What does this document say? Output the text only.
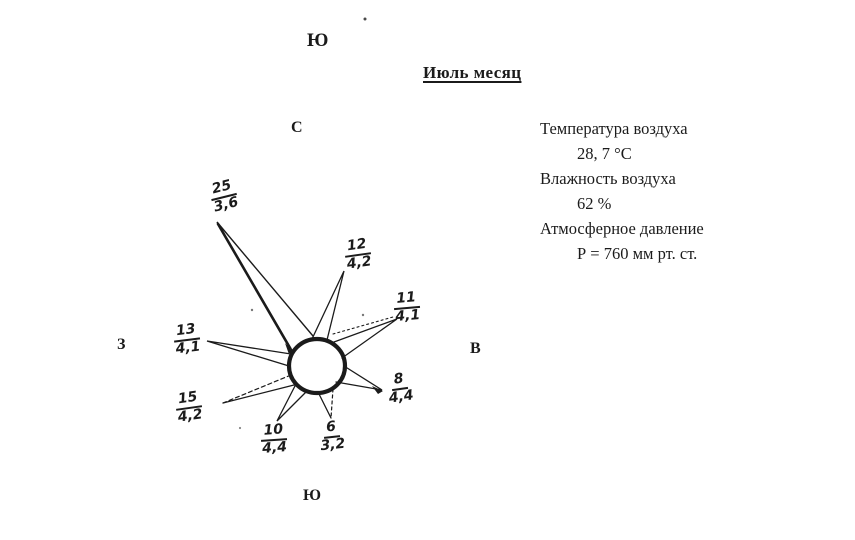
Ю
Июль месяц
С
Ю
З	В
25
3,6
$\frac{12}{4,2}$
$\frac{11}{4,1}$
$\frac{8}{4,4}$
$\frac{6}{3,2}$
$\frac{10}{4,4}$
$\frac{15}{4,2}$
$\frac{13}{4,1}$
Температура воздуха
28, 7 °C
Влажность воздуха
62 %
Атмосферное давление
Р = 760 мм рт. ст.
